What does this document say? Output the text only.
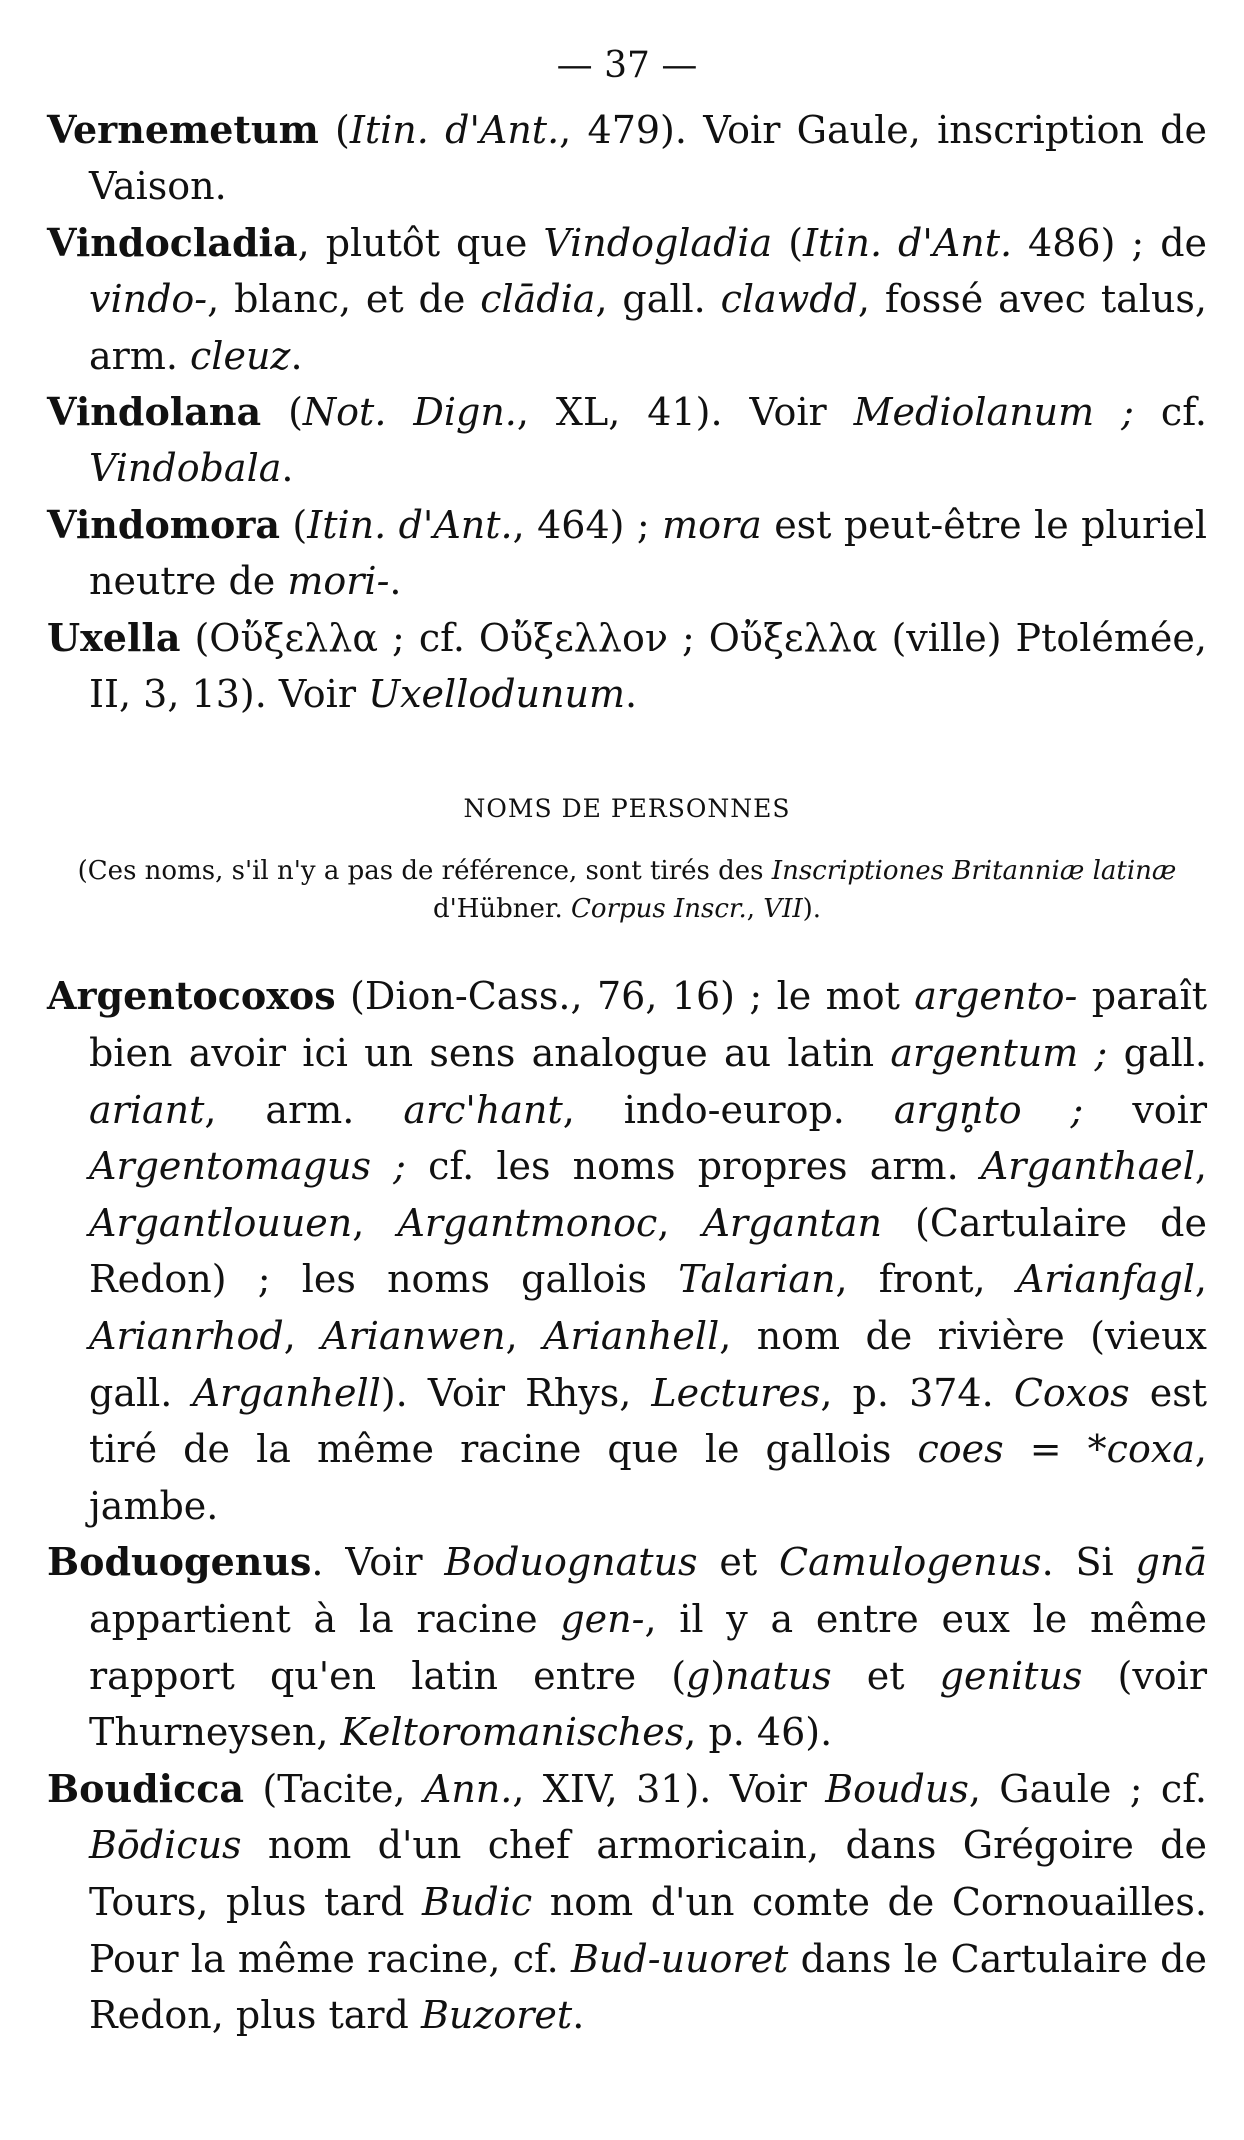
— 37 —

Vernemetum (Itin. d'Ant., 479). Voir Gaule, inscription de Vaison.

Vindocladia, plutôt que Vindogladia (Itin. d'Ant. 486) ; de vindo-, blanc, et de clādia, gall. clawdd, fossé avec talus, arm. cleuz.

Vindolana (Not. Dign., XL, 41). Voir Mediolanum ; cf. Vindobala.

Vindomora (Itin. d'Ant., 464) ; mora est peut-être le pluriel neutre de mori-.

Uxella (Οὔξελλα ; cf. Οὔξελλον ; Οὔξελλα (ville) Ptolémée, II, 3, 13). Voir Uxellodunum.

NOMS DE PERSONNES
(Ces noms, s'il n'y a pas de référence, sont tirés des Inscriptiones Britanniæ latinæ d'Hübner. Corpus Inscr., VII).

Argentocoxos (Dion-Cass., 76, 16) ; le mot argento- paraît bien avoir ici un sens analogue au latin argentum ; gall. ariant, arm. arc'hant, indo-europ. argn̥to ; voir Argentomagus ; cf. les noms propres arm. Arganthael, Argantlouuen, Argantmonoc, Argantan (Cartulaire de Redon) ; les noms gallois Talarian, front, Arianfagl, Arianrhod, Arianwen, Arianhell, nom de rivière (vieux gall. Arganhell). Voir Rhys, Lectures, p. 374. Coxos est tiré de la même racine que le gallois coes = *coxa, jambe.

Boduogenus. Voir Boduognatus et Camulogenus. Si gnā appartient à la racine gen-, il y a entre eux le même rapport qu'en latin entre (g)natus et genitus (voir Thurneysen, Keltoromanisches, p. 46).

Boudicca (Tacite, Ann., XIV, 31). Voir Boudus, Gaule ; cf. Bōdicus nom d'un chef armoricain, dans Grégoire de Tours, plus tard Budic nom d'un comte de Cornouailles. Pour la même racine, cf. Bud-uuoret dans le Cartulaire de Redon, plus tard Buzoret.
